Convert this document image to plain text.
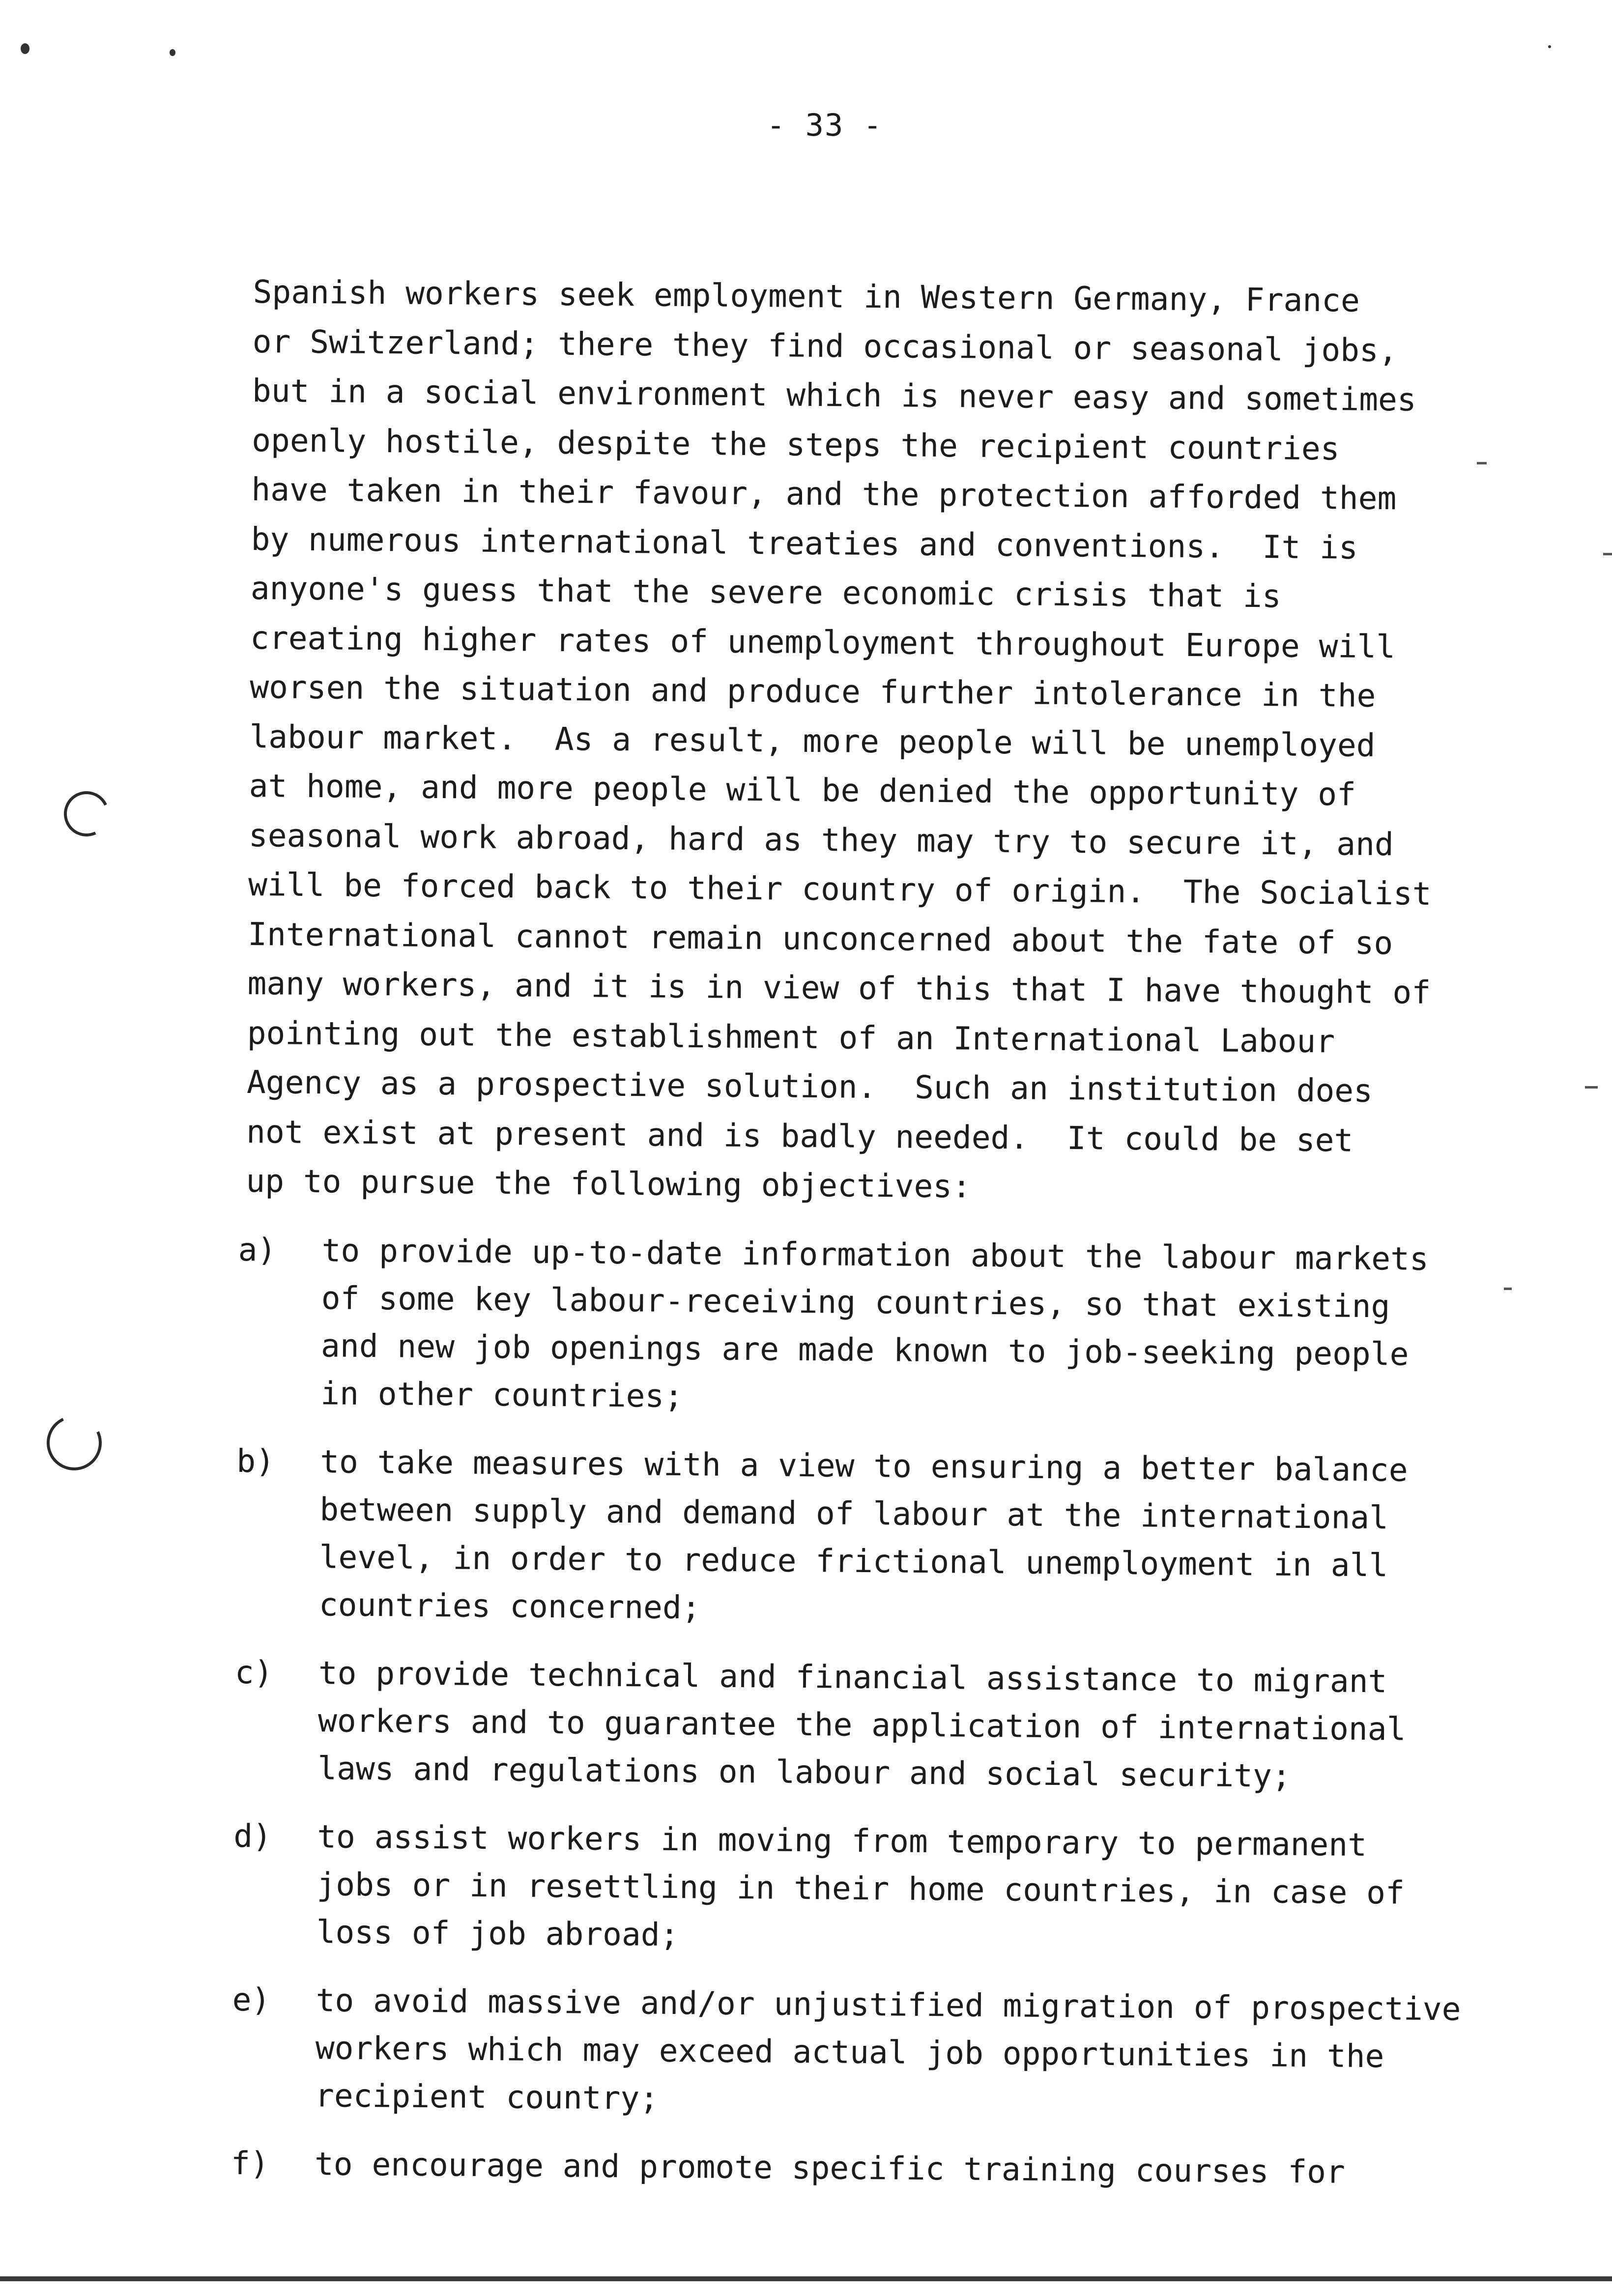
- 33 -
Spanish workers seek employment in Western Germany, France
or Switzerland; there they find occasional or seasonal jobs,
but in a social environment which is never easy and sometimes
openly hostile, despite the steps the recipient countries
have taken in their favour, and the protection afforded them
by numerous international treaties and conventions.  It is
anyone's guess that the severe economic crisis that is
creating higher rates of unemployment throughout Europe will
worsen the situation and produce further intolerance in the
labour market.  As a result, more people will be unemployed
at home, and more people will be denied the opportunity of
seasonal work abroad, hard as they may try to secure it, and
will be forced back to their country of origin.  The Socialist
International cannot remain unconcerned about the fate of so
many workers, and it is in view of this that I have thought of
pointing out the establishment of an International Labour
Agency as a prospective solution.  Such an institution does
not exist at present and is badly needed.  It could be set
up to pursue the following objectives:
a)	to provide up-to-date information about the labour markets
of some key labour-receiving countries, so that existing
and new job openings are made known to job-seeking people
in other countries;
b)	to take measures with a view to ensuring a better balance
between supply and demand of labour at the international
level, in order to reduce frictional unemployment in all
countries concerned;
c)	to provide technical and financial assistance to migrant
workers and to guarantee the application of international
laws and regulations on labour and social security;
d)	to assist workers in moving from temporary to permanent
jobs or in resettling in their home countries, in case of
loss of job abroad;
e)	to avoid massive and/or unjustified migration of prospective
workers which may exceed actual job opportunities in the
recipient country;
f)	to encourage and promote specific training courses for
